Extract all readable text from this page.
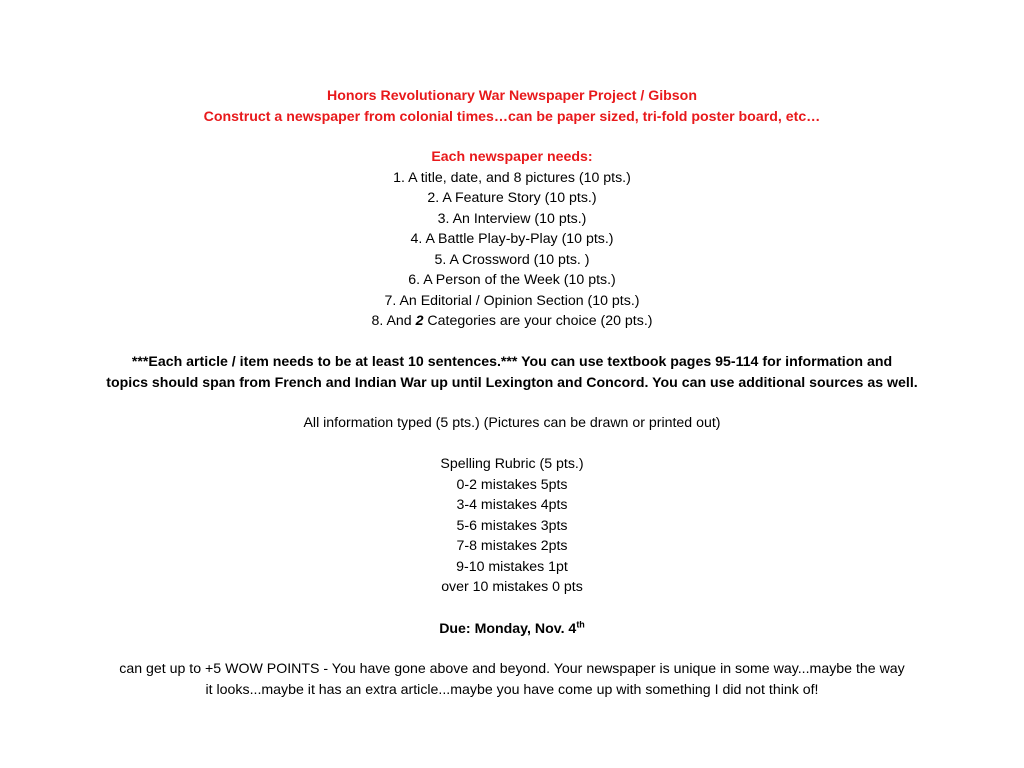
Honors Revolutionary War Newspaper Project / Gibson
Construct a newspaper from colonial times…can be paper sized, tri-fold poster board, etc…
Each newspaper needs:
1. A title, date, and 8 pictures (10 pts.)
2. A Feature Story (10 pts.)
3. An Interview (10 pts.)
4. A Battle Play-by-Play (10 pts.)
5. A Crossword (10 pts. )
6. A Person of the Week (10 pts.)
7. An Editorial / Opinion Section (10 pts.)
8. And 2 Categories are your choice (20 pts.)
***Each article / item needs to be at least 10 sentences.*** You can use textbook pages 95-114 for information and
topics should span from French and Indian War up until Lexington and Concord. You can use additional sources as well.
All information typed (5 pts.) (Pictures can be drawn or printed out)
Spelling Rubric (5 pts.)
0-2 mistakes 5pts
3-4 mistakes 4pts
5-6 mistakes 3pts
7-8 mistakes 2pts
9-10 mistakes 1pt
over 10 mistakes 0 pts
Due: Monday, Nov. 4th
can get up to +5 WOW POINTS - You have gone above and beyond. Your newspaper is unique in some way...maybe the way
it looks...maybe it has an extra article...maybe you have come up with something I did not think of!
